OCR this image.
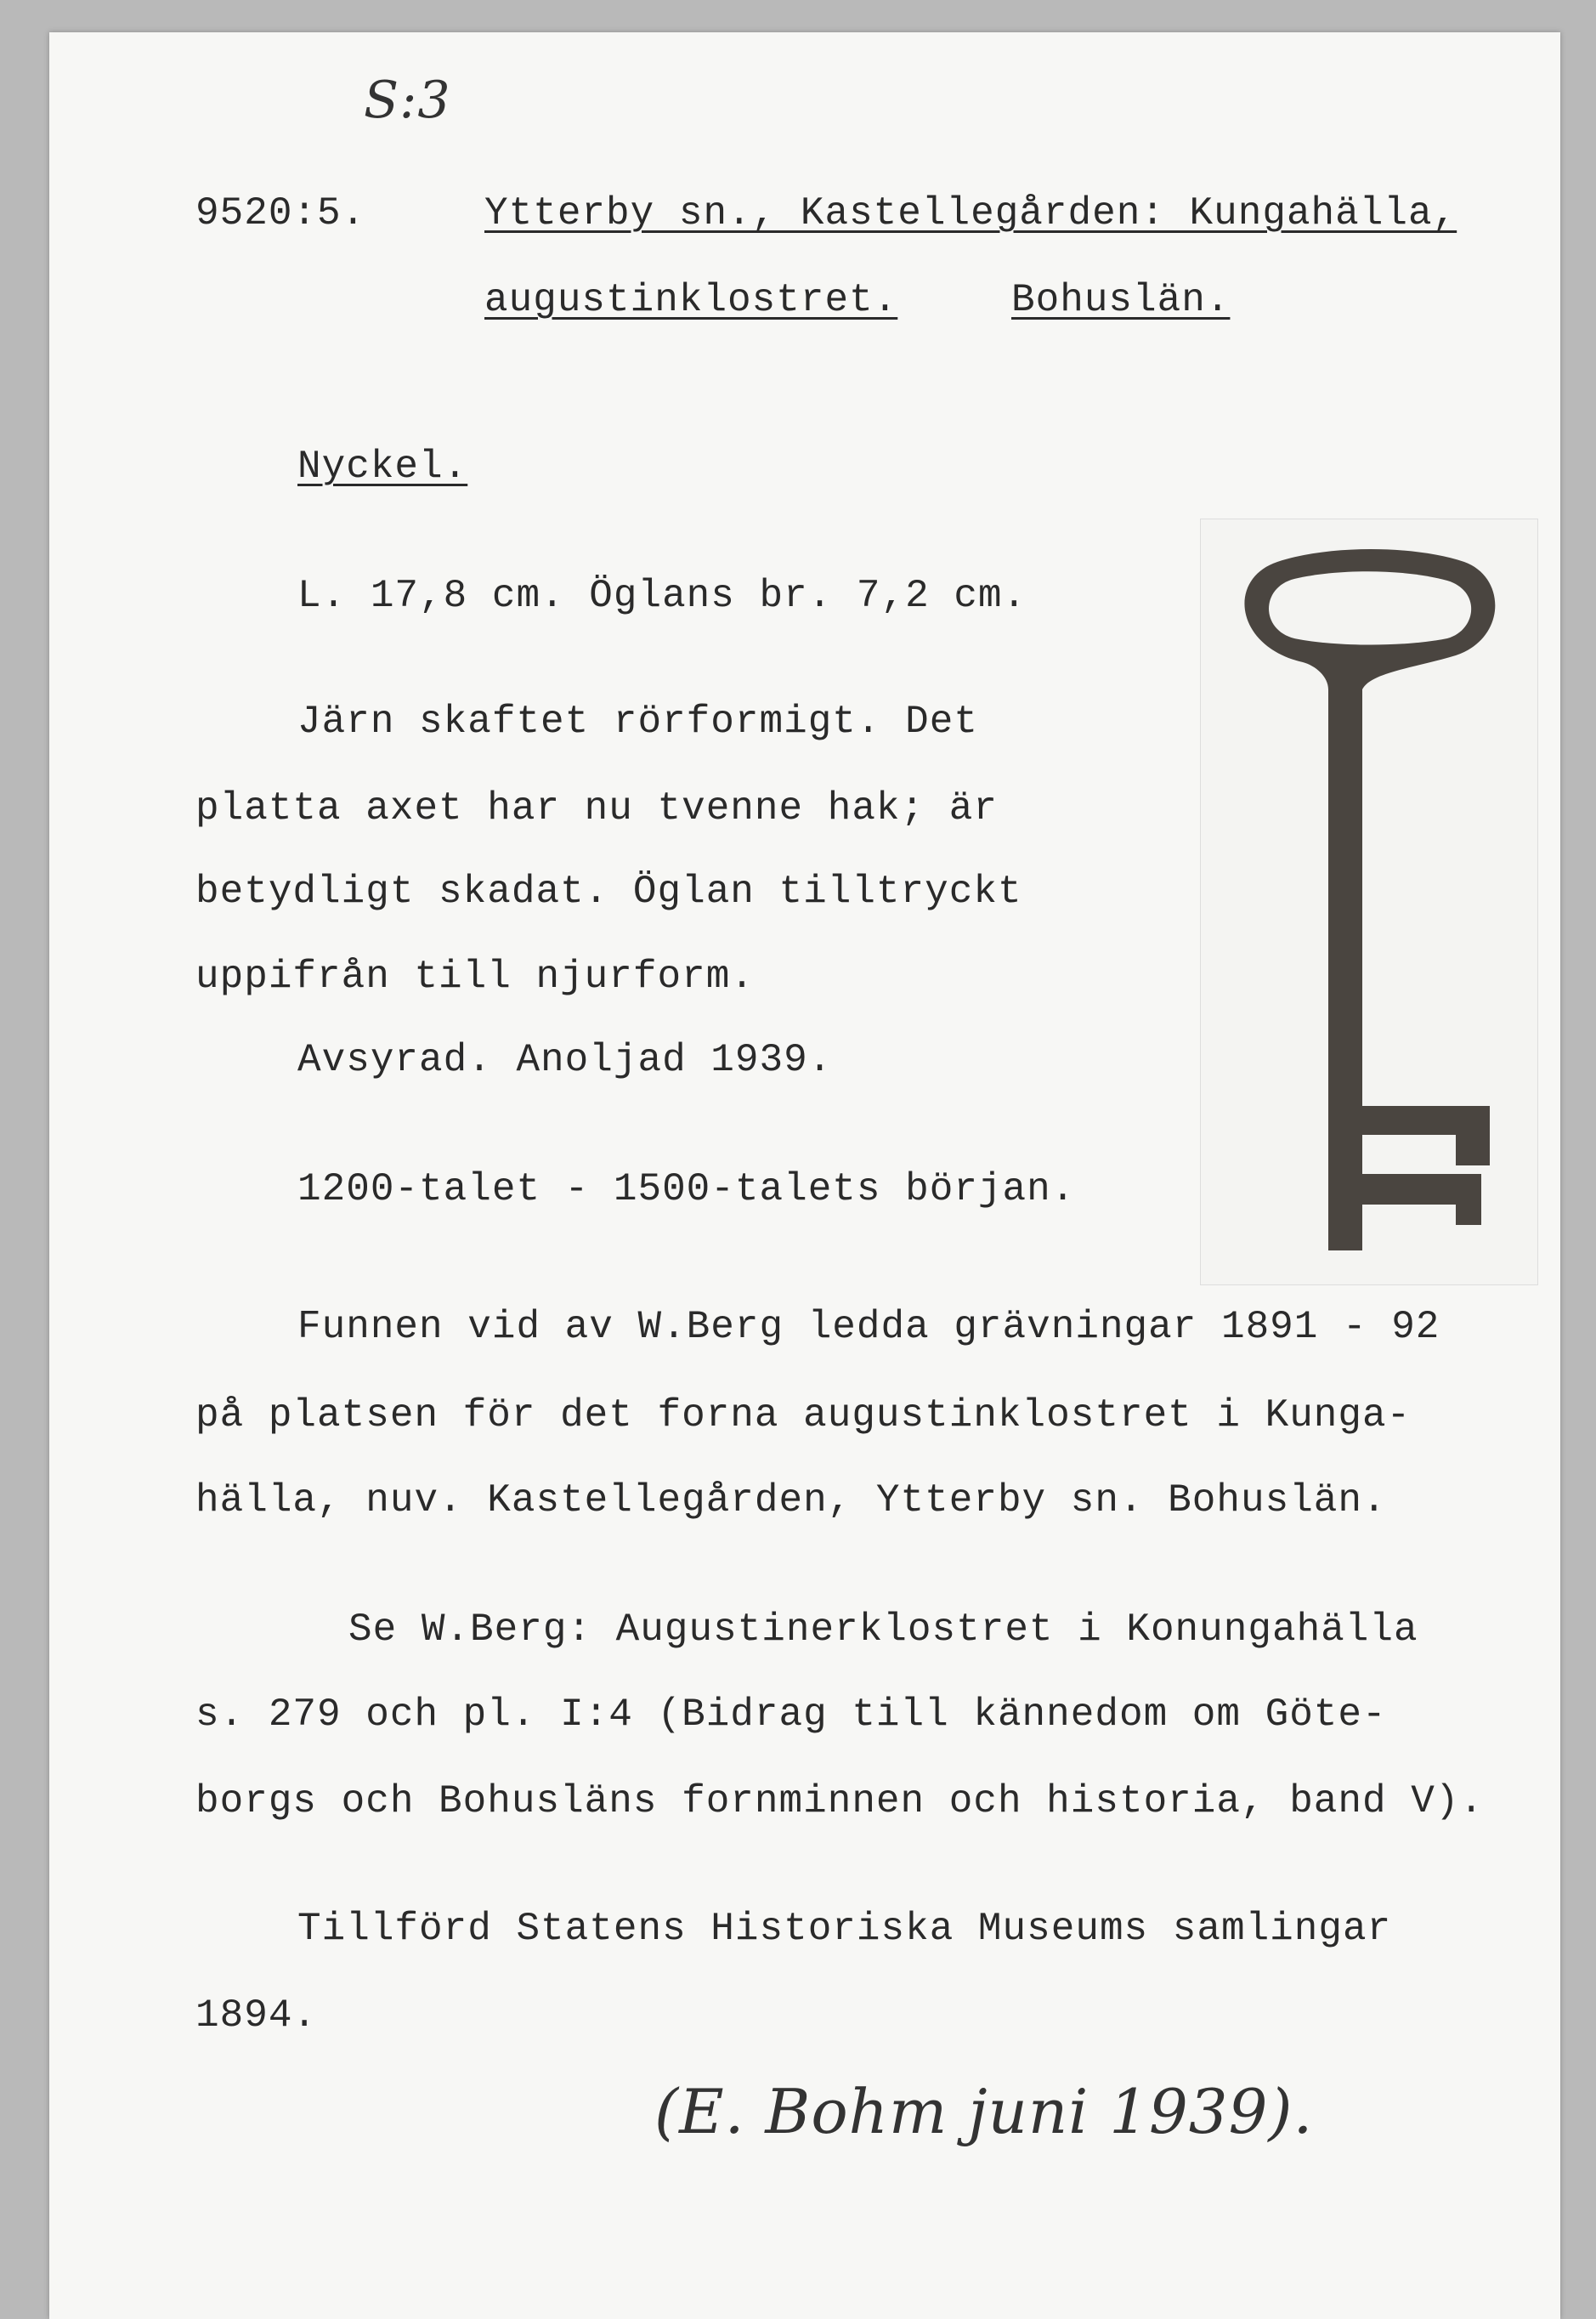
S:3
9520:5.	Ytterby sn., Kastellegården: Kungahälla,
augustinklostret.	Bohuslän.
Nyckel.
L. 17,8 cm. Öglans br. 7,2 cm.
Järn skaftet rörformigt. Det
platta axet har nu tvenne hak; är
betydligt skadat. Öglan tilltryckt
uppifrån till njurform.
Avsyrad. Anoljad 1939.
1200-talet - 1500-talets början.
Funnen vid av W.Berg ledda grävningar 1891 - 92
på platsen för det forna augustinklostret i Kunga-
hälla, nuv. Kastellegården, Ytterby sn. Bohuslän.
Se W.Berg: Augustinerklostret i Konungahälla
s. 279 och pl. I:4 (Bidrag till kännedom om Göte-
borgs och Bohusläns fornminnen och historia, band V).
Tillförd Statens Historiska Museums samlingar
1894.
(E. Bohm juni 1939).
